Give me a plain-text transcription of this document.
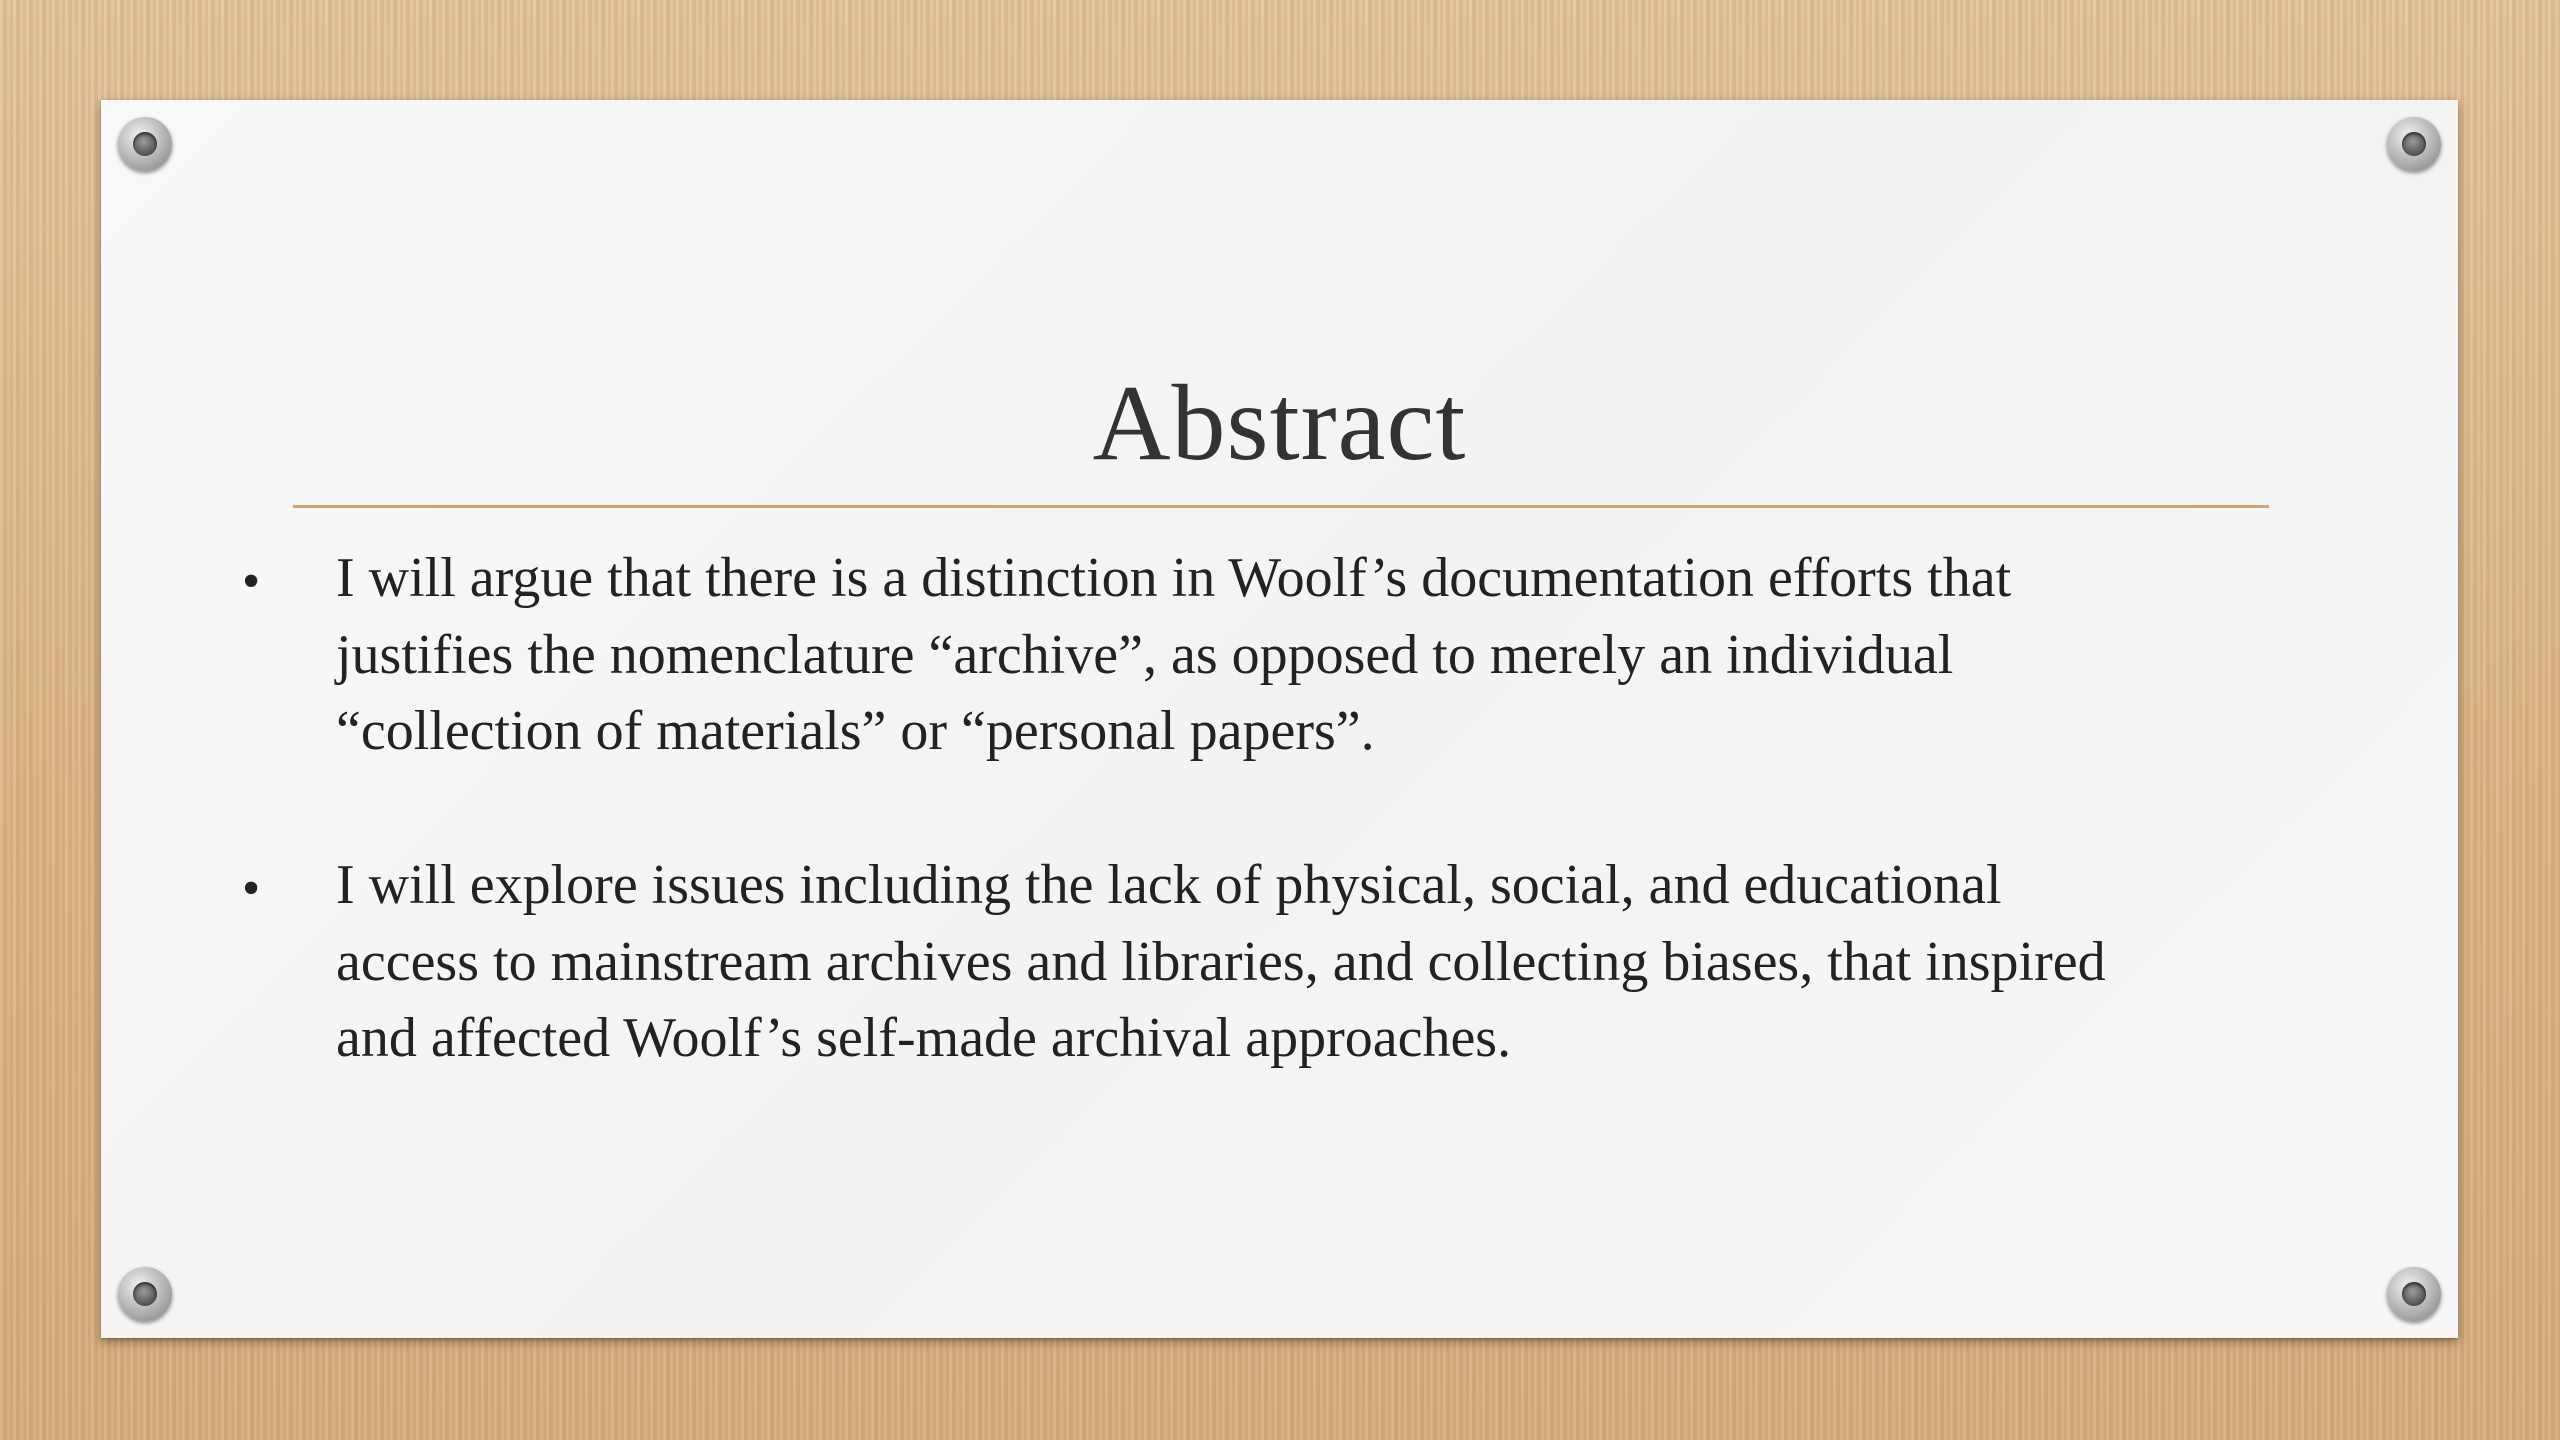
Abstract
• I will argue that there is a distinction in Woolf’s documentation efforts that
justifies the nomenclature “archive”, as opposed to merely an individual
“collection of materials” or “personal papers”.
• I will explore issues including the lack of physical, social, and educational
access to mainstream archives and libraries, and collecting biases, that inspired
and affected Woolf’s self-made archival approaches.
